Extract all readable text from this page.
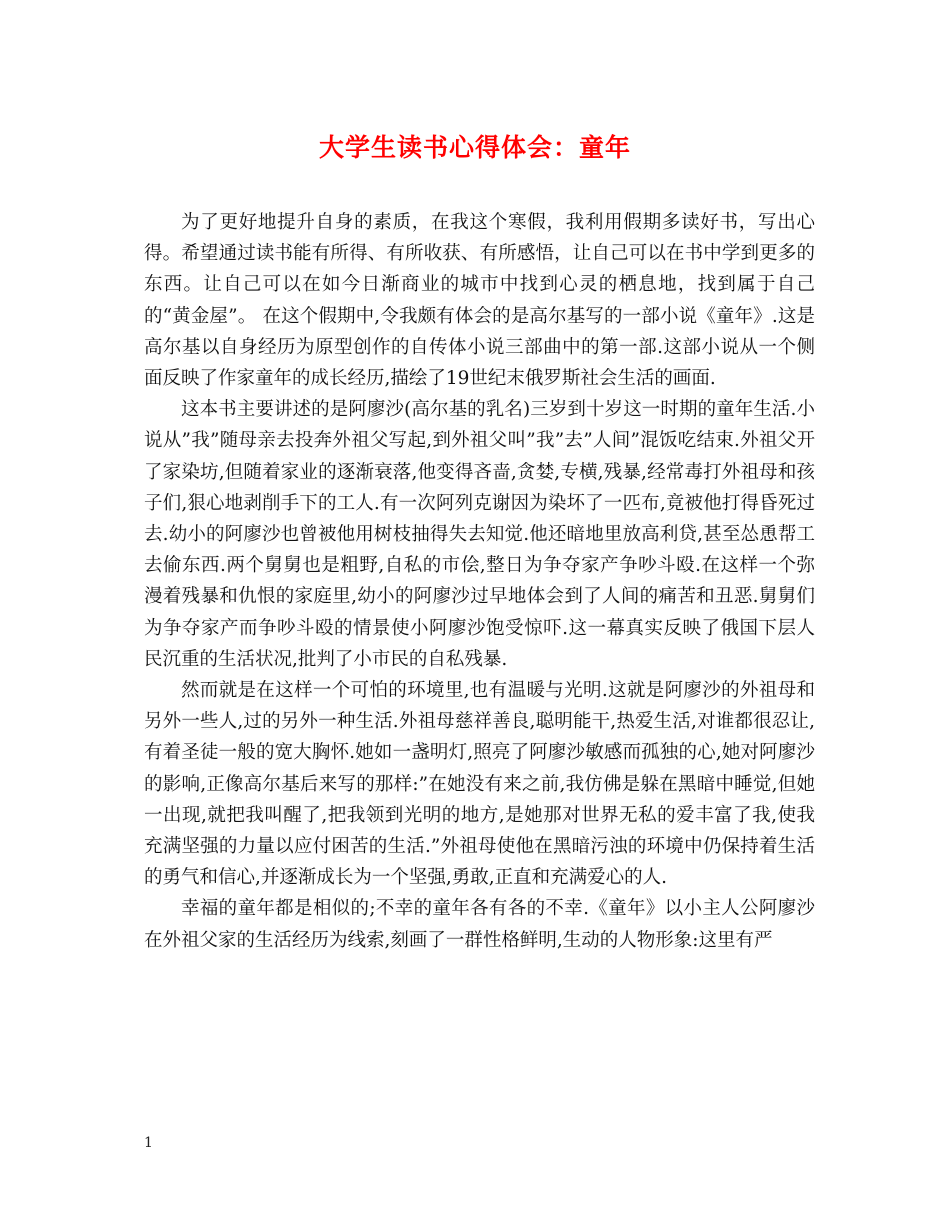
大学生读书心得体会：童年

为了更好地提升自身的素质，在我这个寒假，我利用假期多读好书，写出心得。希望通过读书能有所得、有所收获、有所感悟，让自己可以在书中学到更多的东西。让自己可以在如今日渐商业的城市中找到心灵的栖息地，找到属于自己的“黄金屋”。 在这个假期中,令我颇有体会的是高尔基写的一部小说《童年》.这是高尔基以自身经历为原型创作的自传体小说三部曲中的第一部.这部小说从一个侧面反映了作家童年的成长经历,描绘了19世纪末俄罗斯社会生活的画面.

这本书主要讲述的是阿廖沙(高尔基的乳名)三岁到十岁这一时期的童年生活.小说从”我”随母亲去投奔外祖父写起,到外祖父叫”我”去”人间”混饭吃结束.外祖父开了家染坊,但随着家业的逐渐衰落,他变得吝啬,贪婪,专横,残暴,经常毒打外祖母和孩子们,狠心地剥削手下的工人.有一次阿列克谢因为染坏了一匹布,竟被他打得昏死过去.幼小的阿廖沙也曾被他用树枝抽得失去知觉.他还暗地里放高利贷,甚至怂恿帮工去偷东西.两个舅舅也是粗野,自私的市侩,整日为争夺家产争吵斗殴.在这样一个弥漫着残暴和仇恨的家庭里,幼小的阿廖沙过早地体会到了人间的痛苦和丑恶.舅舅们为争夺家产而争吵斗殴的情景使小阿廖沙饱受惊吓.这一幕真实反映了俄国下层人民沉重的生活状况,批判了小市民的自私残暴.

然而就是在这样一个可怕的环境里,也有温暖与光明.这就是阿廖沙的外祖母和另外一些人,过的另外一种生活.外祖母慈祥善良,聪明能干,热爱生活,对谁都很忍让,有着圣徒一般的宽大胸怀.她如一盏明灯,照亮了阿廖沙敏感而孤独的心,她对阿廖沙的影响,正像高尔基后来写的那样:”在她没有来之前,我仿佛是躲在黑暗中睡觉,但她一出现,就把我叫醒了,把我领到光明的地方,是她那对世界无私的爱丰富了我,使我充满坚强的力量以应付困苦的生活.”外祖母使他在黑暗污浊的环境中仍保持着生活的勇气和信心,并逐渐成长为一个坚强,勇敢,正直和充满爱心的人.

幸福的童年都是相似的;不幸的童年各有各的不幸.《童年》以小主人公阿廖沙在外祖父家的生活经历为线索,刻画了一群性格鲜明,生动的人物形象:这里有严

1
